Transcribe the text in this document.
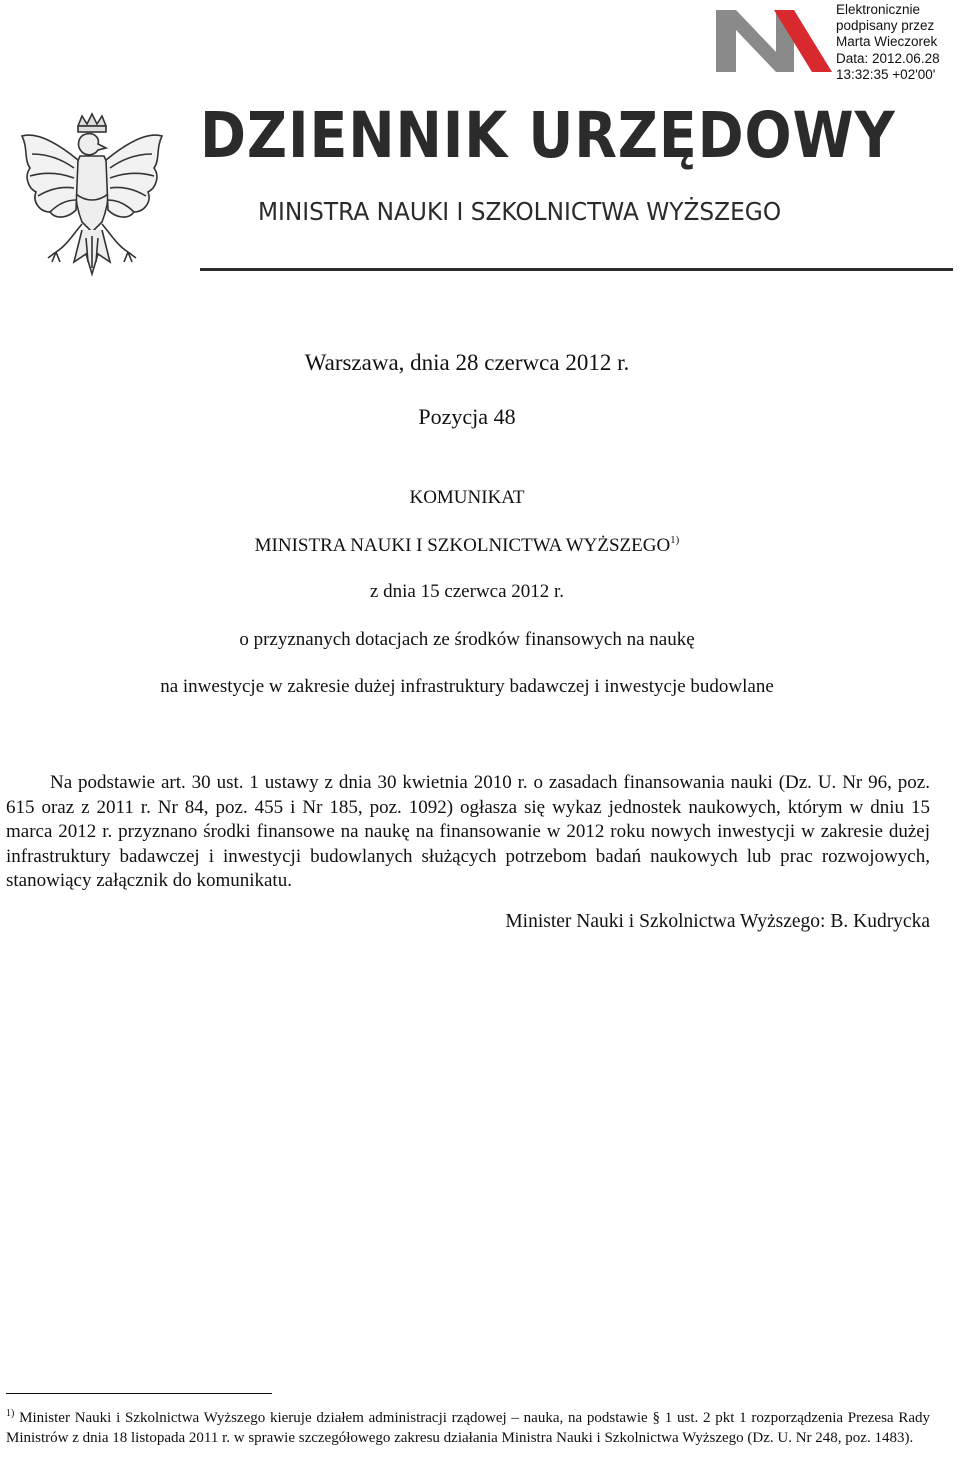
Elektronicznie
podpisany przez
Marta Wieczorek
Data: 2012.06.28
13:32:35 +02'00'
DZIENNIK URZĘDOWY
MINISTRA NAUKI I SZKOLNICTWA WYŻSZEGO
Warszawa, dnia 28 czerwca 2012 r.
Pozycja 48
KOMUNIKAT
MINISTRA NAUKI I SZKOLNICTWA WYŻSZEGO$^{1)}$
z dnia 15 czerwca 2012 r.
o przyznanych dotacjach ze środków finansowych na naukę
na inwestycje w zakresie dużej infrastruktury badawczej i inwestycje budowlane
Na podstawie art. 30 ust. 1 ustawy z dnia 30 kwietnia 2010 r. o zasadach finansowania nauki (Dz. U. Nr 96, poz. 615 oraz z 2011 r. Nr 84, poz. 455 i Nr 185, poz. 1092) ogłasza się wykaz jednostek naukowych, którym w dniu 15 marca 2012 r. przyznano środki finansowe na naukę na finansowanie w 2012 roku nowych inwestycji w zakresie dużej infrastruktury badawczej i inwestycji budowlanych służących potrzebom badań naukowych lub prac rozwojowych, stanowiący załącznik do komunikatu.
Minister Nauki i Szkolnictwa Wyższego: B. Kudrycka
$^{1)}$ Minister Nauki i Szkolnictwa Wyższego kieruje działem administracji rządowej – nauka, na podstawie § 1 ust. 2 pkt 1 rozporządzenia Prezesa Rady Ministrów z dnia 18 listopada 2011 r. w sprawie szczegółowego zakresu działania Ministra Nauki i Szkolnictwa Wyższego (Dz. U. Nr 248, poz. 1483).
